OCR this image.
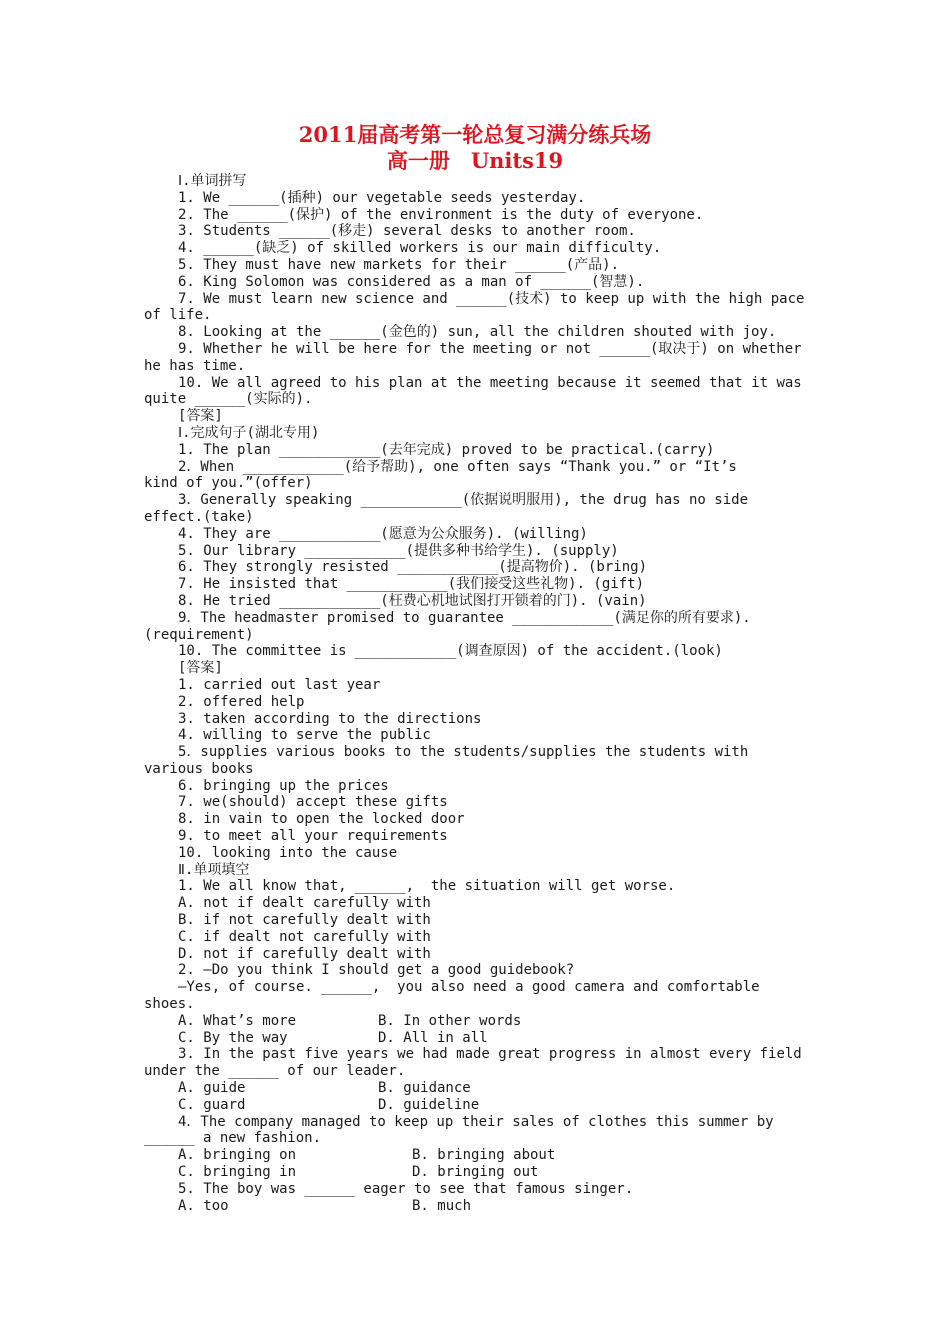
2011届高考第一轮总复习满分练兵场
高一册　Units19
Ⅰ.单词拼写
1. We ______(插种) our vegetable seeds yesterday.
2. The ______(保护) of the environment is the duty of everyone.
3. Students ______(移走) several desks to another room.
4. ______(缺乏) of skilled workers is our main difficulty.
5. They must have new markets for their ______(产品).
6. King Solomon was considered as a man of ______(智慧).
7. We must learn new science and ______(技术) to keep up with the high pace
of life.
8. Looking at the ______(金色的) sun, all the children shouted with joy.
9. Whether he will be here for the meeting or not ______(取决于) on whether
he has time.
10. We all agreed to his plan at the meeting because it seemed that it was
quite ______(实际的).
[答案]
Ⅰ.完成句子(湖北专用)
1. The plan ____________(去年完成) proved to be practical.(carry)
2．When ____________(给予帮助), one often says “Thank you.” or “It’s
kind of you.”(offer)
3．Generally speaking ____________(依据说明服用), the drug has no side
effect.(take)
4. They are ____________(愿意为公众服务). (willing)
5. Our library ____________(提供多种书给学生). (supply)
6. They strongly resisted ____________(提高物价). (bring)
7. He insisted that ____________(我们接受这些礼物). (gift)
8. He tried ____________(枉费心机地试图打开锁着的门). (vain)
9．The headmaster promised to guarantee ____________(满足你的所有要求).
(requirement)
10. The committee is ____________(调查原因) of the accident.(look)
[答案]
1. carried out last year
2. offered help
3. taken according to the directions
4. willing to serve the public
5．supplies various books to the students/supplies the students with
various books
6. bringing up the prices
7. we(should) accept these gifts
8. in vain to open the locked door
9. to meet all your requirements
10. looking into the cause
Ⅱ.单项填空
1. We all know that, ______,  the situation will get worse.
A. not if dealt carefully with
B. if not carefully dealt with
C. if dealt not carefully with
D. not if carefully dealt with
2. —Do you think I should get a good guidebook?
—Yes, of course. ______,  you also need a good camera and comfortable
shoes.
A. What’s more	B. In other words
C. By the way	D. All in all
3. In the past five years we had made great progress in almost every field
under the ______ of our leader.
A. guide	B. guidance
C. guard	D. guideline
4．The company managed to keep up their sales of clothes this summer by
______ a new fashion.
A. bringing on	B. bringing about
C. bringing in	D. bringing out
5. The boy was ______ eager to see that famous singer.
A. too	B. much
